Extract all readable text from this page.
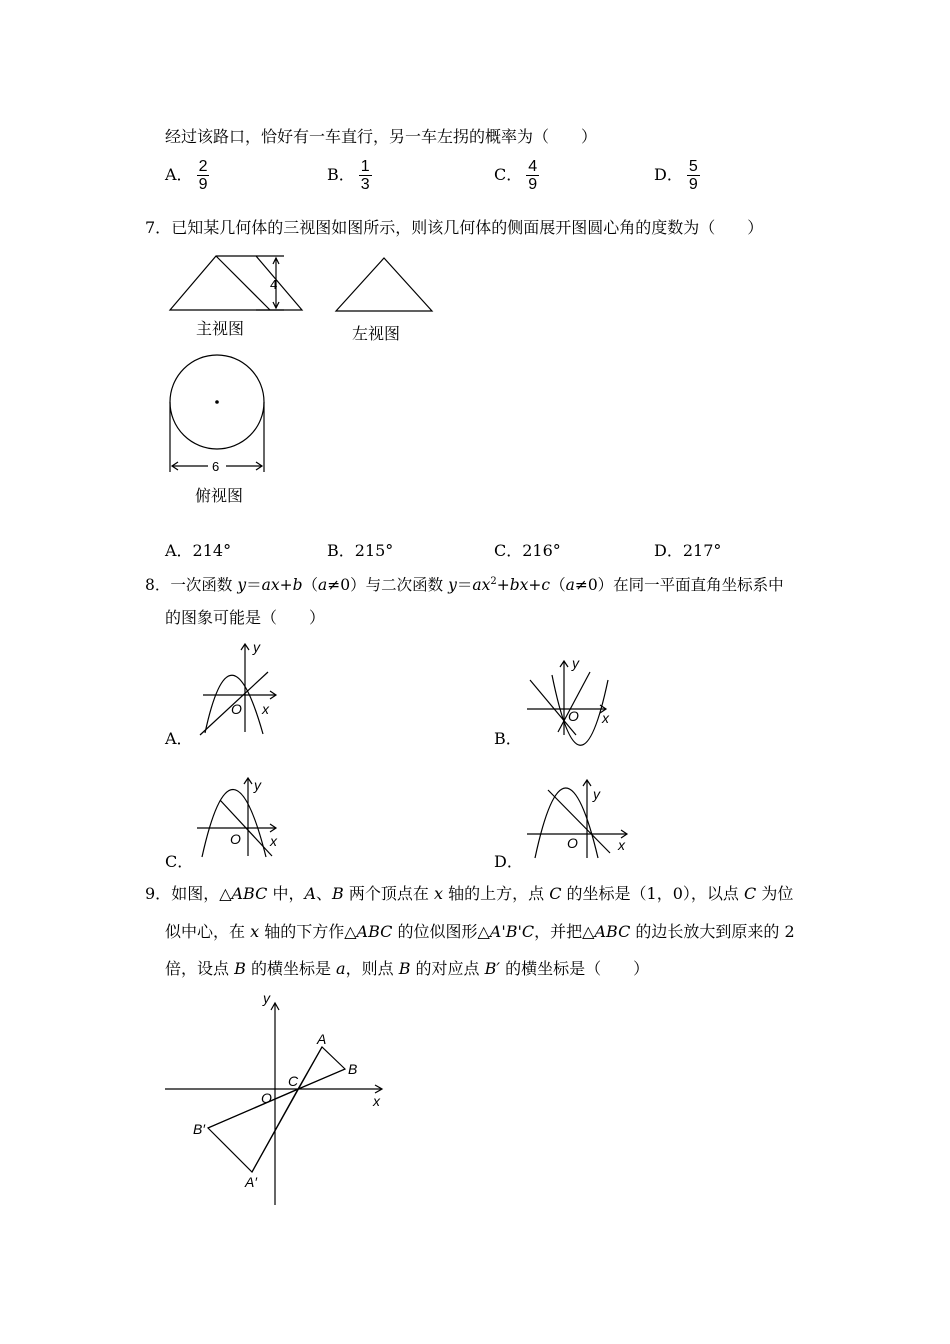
经过该路口，恰好有一车直行，另一车左拐的概率为（　　）
A． $\frac{2}{9}$	B． $\frac{1}{3}$	C． $\frac{4}{9}$	D． $\frac{5}{9}$
7．已知某几何体的三视图如图所示，则该几何体的侧面展开图圆心角的度数为（　　）
4
主视图	左视图
6
俯视图
A．214°	B．215°	C．216°	D．217°
8．一次函数 y＝ax+b（a≠0）与二次函数 $y=ax^2+bx+c(a\ne 0)$在同一平面直角坐标系中
的图象可能是（　　）
y
x
O
y
x
O
y
x
O
y
x
O
A．	B．
C．	D．
9．如图，△ABC 中，A、B 两个顶点在 x 轴的上方，点 C 的坐标是（1，0），以点 C 为位
似中心，在 x 轴的下方作△ABC 的位似图形△A'B'C，并把△ABC 的边长放大到原来的 2
倍，设点 B 的横坐标是 a，则点 B 的对应点 B′ 的横坐标是（　　）
y
x
O
C
A
B
B′
A′
